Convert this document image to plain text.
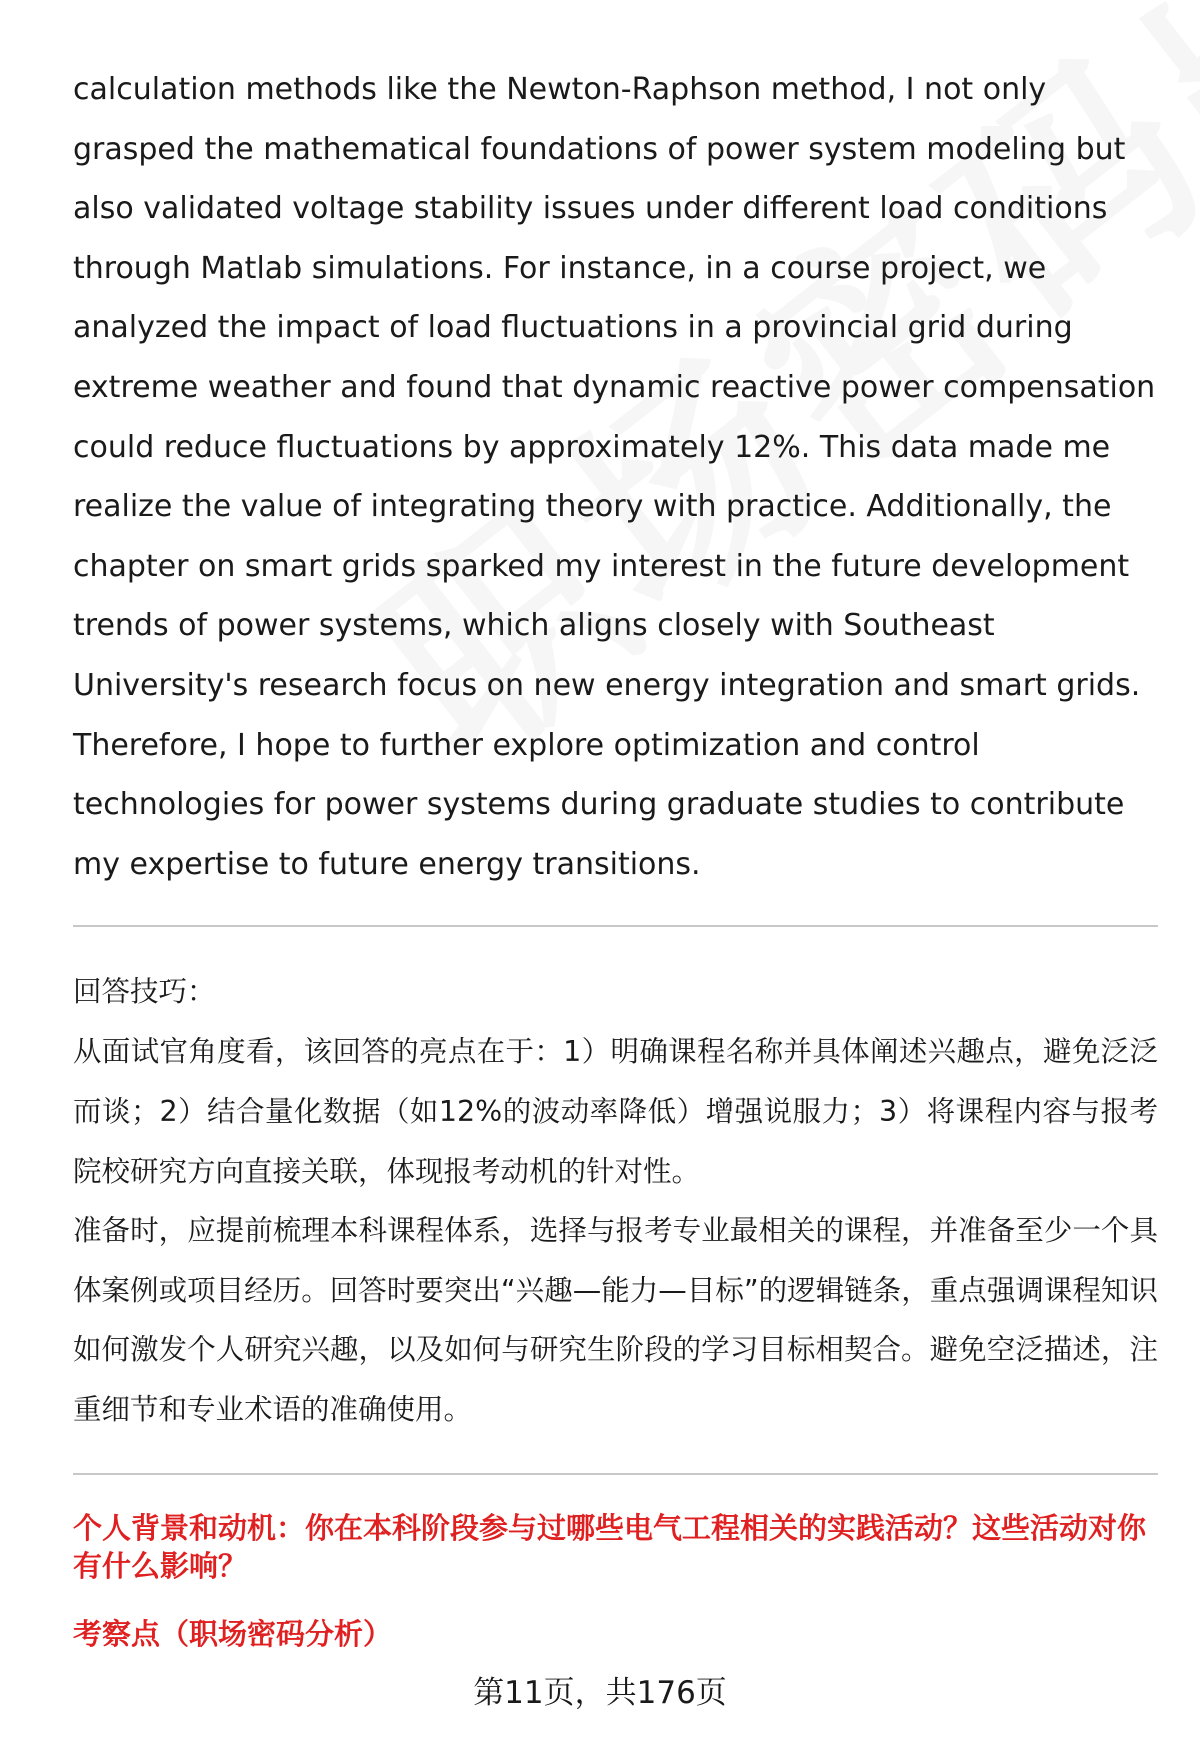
calculation methods like the Newton-Raphson method, I not only grasped the mathematical foundations of power system modeling but also validated voltage stability issues under different load conditions through Matlab simulations. For instance, in a course project, we analyzed the impact of load fluctuations in a provincial grid during extreme weather and found that dynamic reactive power compensation could reduce fluctuations by approximately 12%. This data made me realize the value of integrating theory with practice. Additionally, the chapter on smart grids sparked my interest in the future development trends of power systems, which aligns closely with Southeast University's research focus on new energy integration and smart grids. Therefore, I hope to further explore optimization and control technologies for power systems during graduate studies to contribute my expertise to future energy transitions.

回答技巧：

从面试官角度看，该回答的亮点在于：1）明确课程名称并具体阐述兴趣点，避免泛泛而谈；2）结合量化数据（如12%的波动率降低）增强说服力；3）将课程内容与报考院校研究方向直接关联，体现报考动机的针对性。

准备时，应提前梳理本科课程体系，选择与报考专业最相关的课程，并准备至少一个具体案例或项目经历。回答时要突出“兴趣—能力—目标”的逻辑链条，重点强调课程知识如何激发个人研究兴趣，以及如何与研究生阶段的学习目标相契合。避免空泛描述，注重细节和专业术语的准确使用。

个人背景和动机：你在本科阶段参与过哪些电气工程相关的实践活动？这些活动对你有什么影响？

考察点（职场密码分析）

第11页，共176页
